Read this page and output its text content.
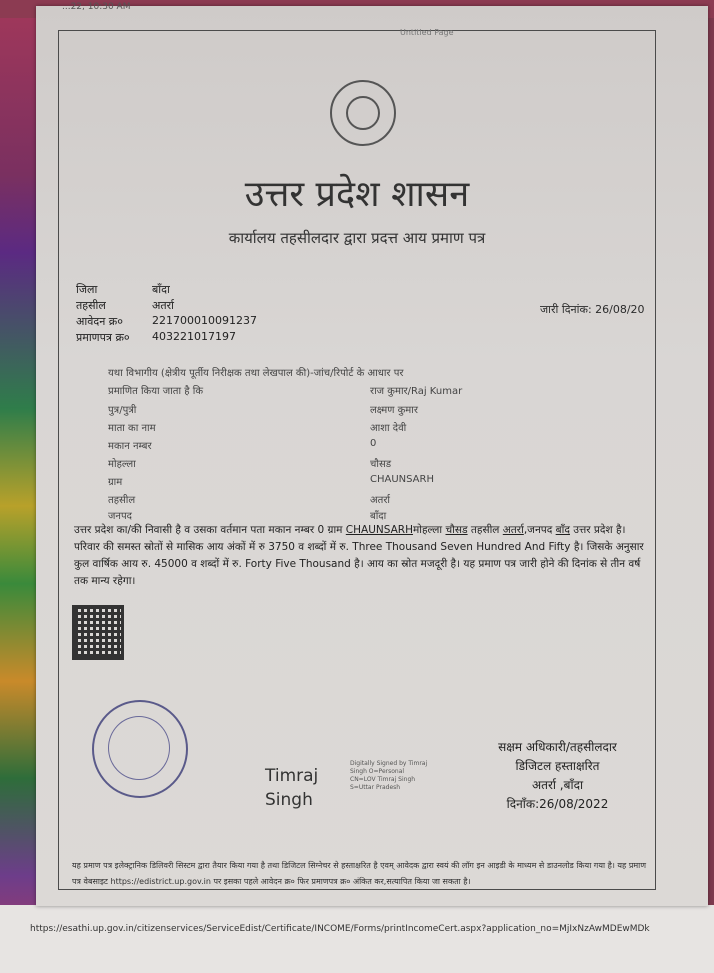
...22, 10:30 AM
Untitled Page
उत्तर प्रदेश शासन
कार्यालय तहसीलदार द्वारा प्रदत्त आय प्रमाण पत्र
जिला	बाँदा
तहसील	अतर्रा
आवेदन क्र०	221700010091237
प्रमाणपत्र क्र० 403221017197
जारी दिनांक: 26/08/20
यथा विभागीय (क्षेत्रीय पूर्तीय निरीक्षक तथा लेखपाल की)-जांच/रिपोर्ट के आधार पर
प्रमाणित किया जाता है कि	राज कुमार/Raj Kumar
पुत्र/पुत्री	लक्ष्मण कुमार
माता का नाम	आशा देवी
मकान नम्बर	0
मोहल्ला	चौसड
ग्राम	CHAUNSARH
तहसील	अतर्रा
जनपद	बाँदा
उत्तर प्रदेश का/की निवासी है व उसका वर्तमान पता मकान नम्बर 0 ग्राम CHAUNSARHमोहल्ला चौसड तहसील अतर्रा,जनपद बाँद उत्तर प्रदेश है। परिवार की समस्त स्रोतों से मासिक आय अंकों में रु 3750 व शब्दों में रु. Three Thousand Seven Hundred And Fifty है। जिसके अनुसार कुल वार्षिक आय रु. 45000 व शब्दों में रु. Forty Five Thousand है। आय का स्रोत मजदूरी है। यह प्रमाण पत्र जारी होने की दिनांक से तीन वर्ष तक मान्य रहेगा।
Timraj
Singh
Digitally Signed by Timraj
Singh O=Personal
CN=LOV Timraj Singh
S=Uttar Pradesh
सक्षम अधिकारी/तहसीलदार
डिजिटल हस्ताक्षरित
अतर्रा ,बाँदा
दिनाँक:26/08/2022
यह प्रमाण पत्र इलेक्ट्रानिक डिलिवरी सिस्टम द्वारा तैयार किया गया है तथा डिजिटल सिग्नेचर से हस्ताक्षरित है एवम् आवेदक द्वारा स्वयं की लॉग इन आइडी के माध्यम से डाउनलोड किया गया है। यह प्रमाण पत्र वेबसाइट https://edistrict.up.gov.in पर इसका पहले आवेदन क्र० फिर प्रमाणपत्र क्र० अंकित कर,सत्यापित किया जा सकता है।
https://esathi.up.gov.in/citizenservices/ServiceEdist/Certificate/INCOME/Forms/printIncomeCert.aspx?application_no=MjIxNzAwMDEwMDk
